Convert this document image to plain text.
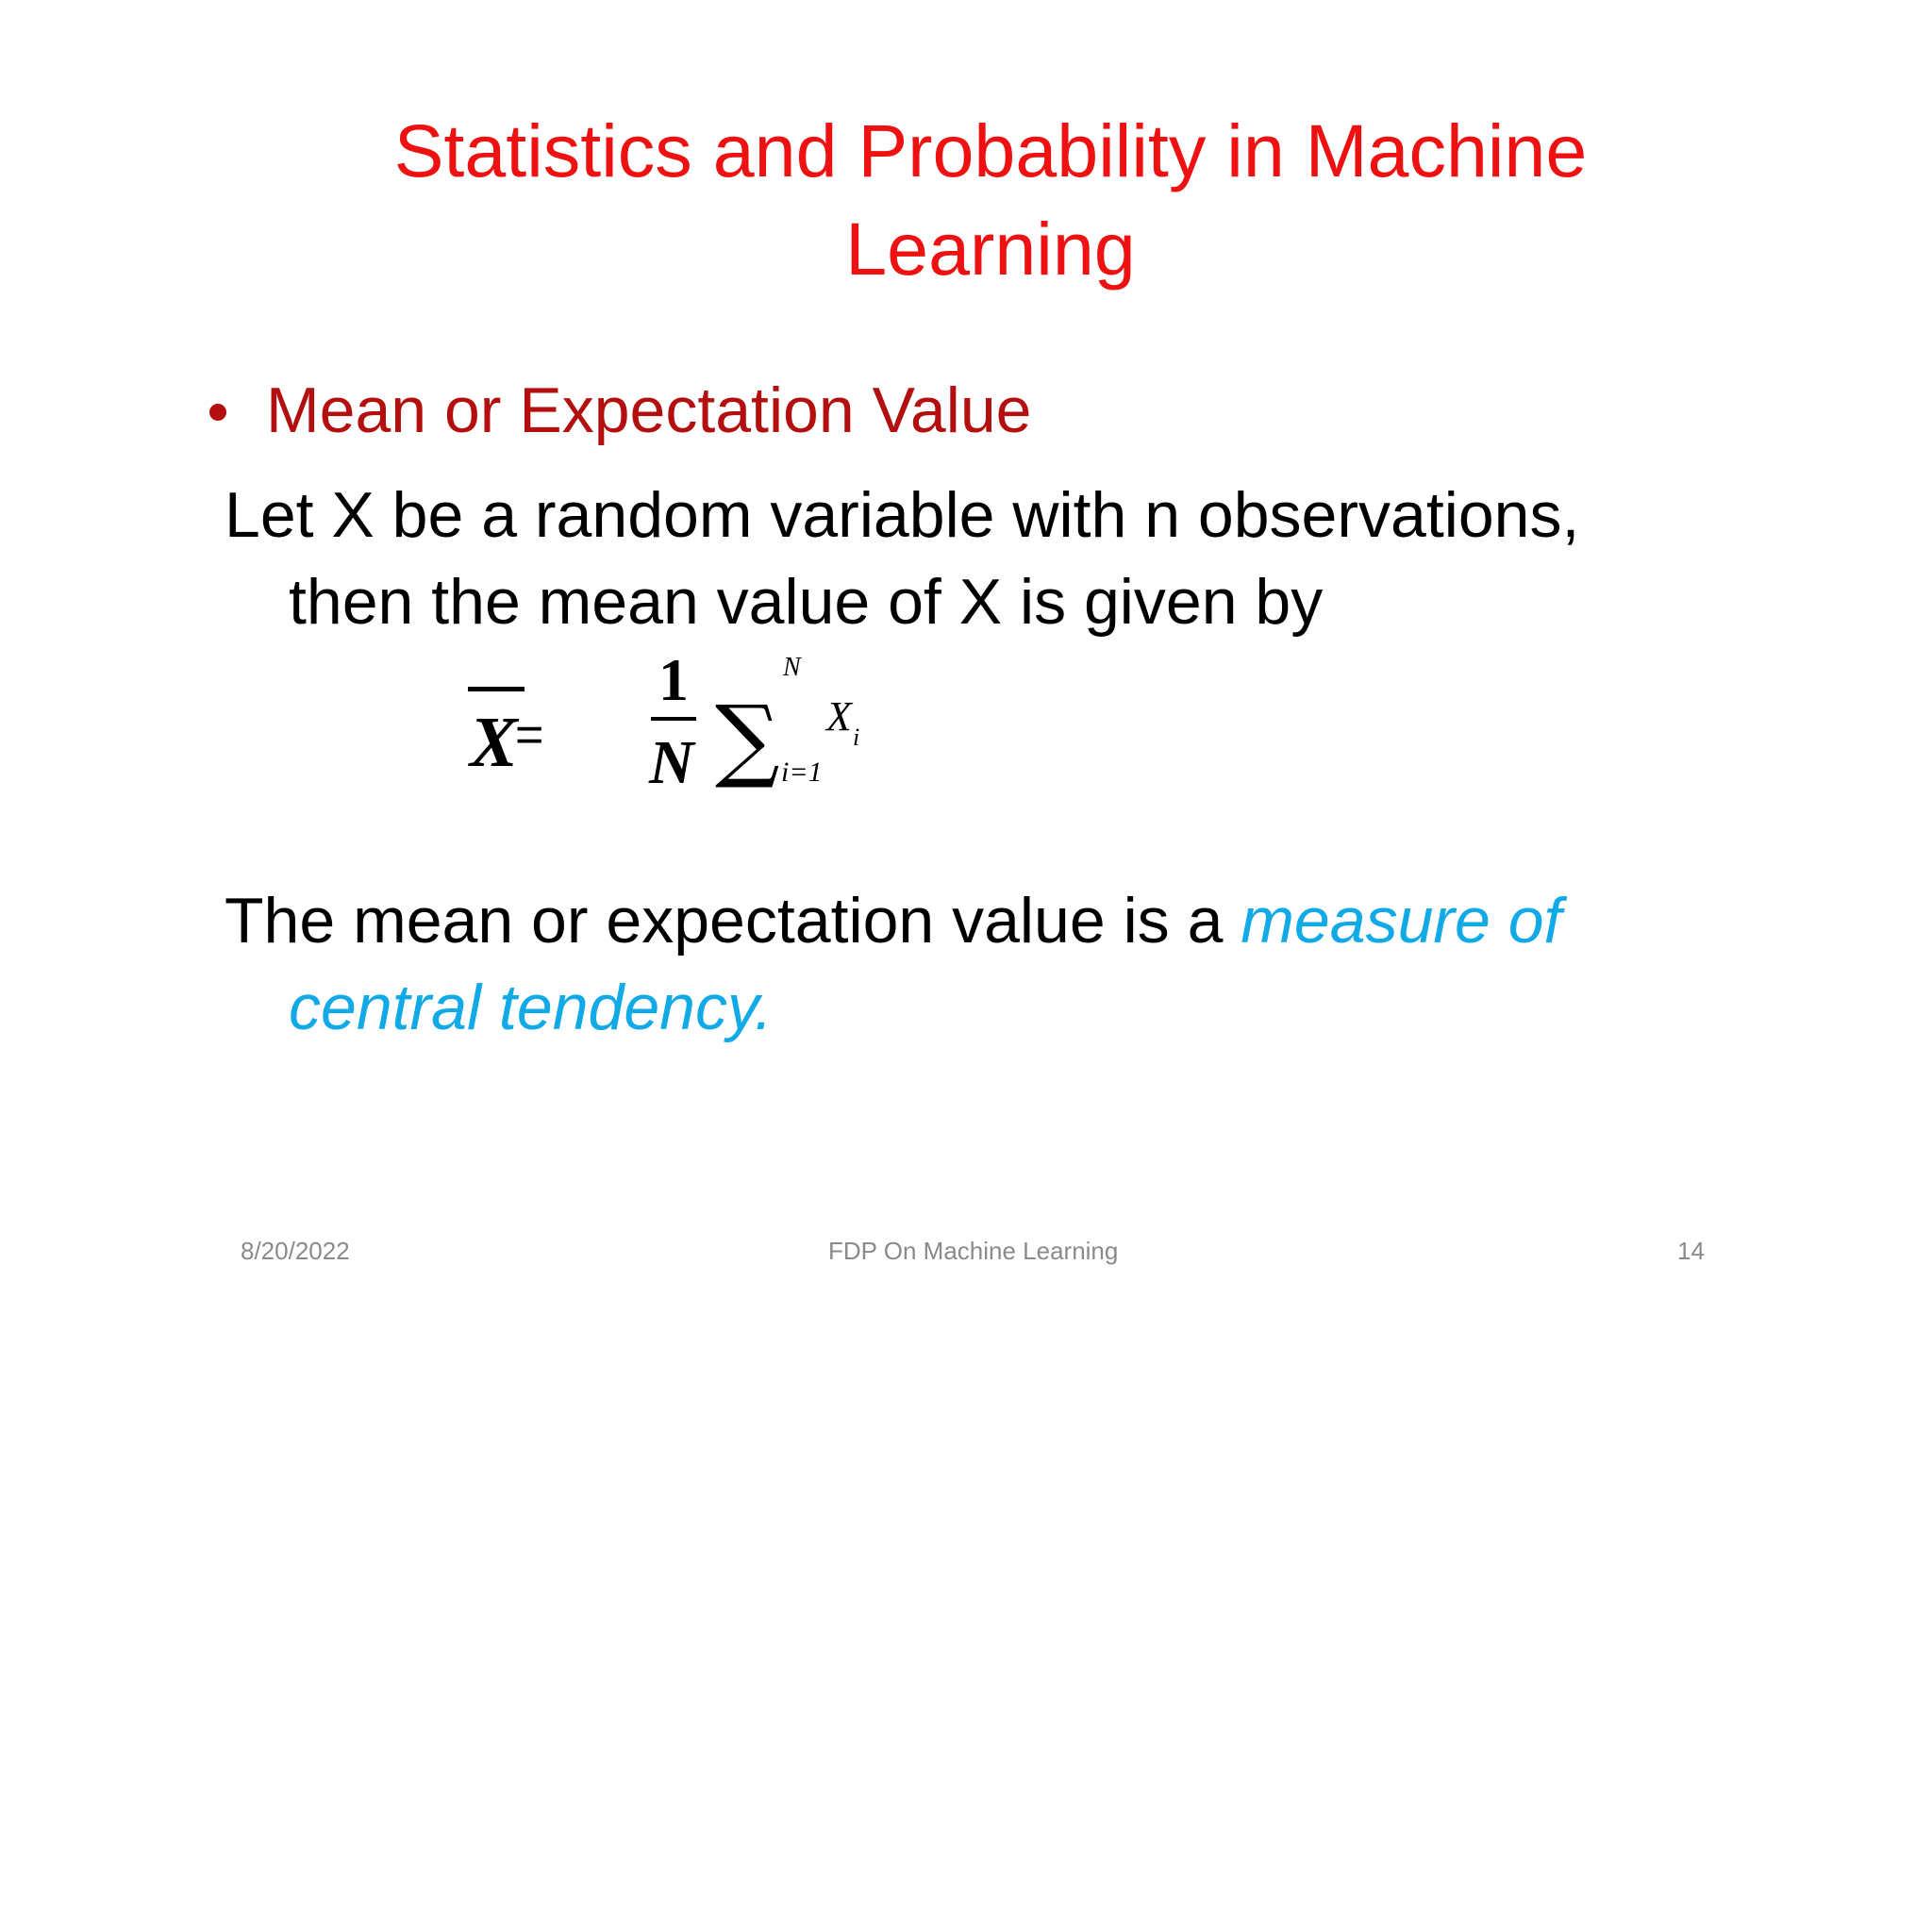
Statistics and Probability in Machine Learning
Mean or Expectation Value
Let X be a random variable with n observations,
then the mean value of X is given by
X
=
1
N ∑
N
i=1
X i
The mean or expectation value is a measure of
central tendency.
8/20/2022	FDP On Machine Learning	14
